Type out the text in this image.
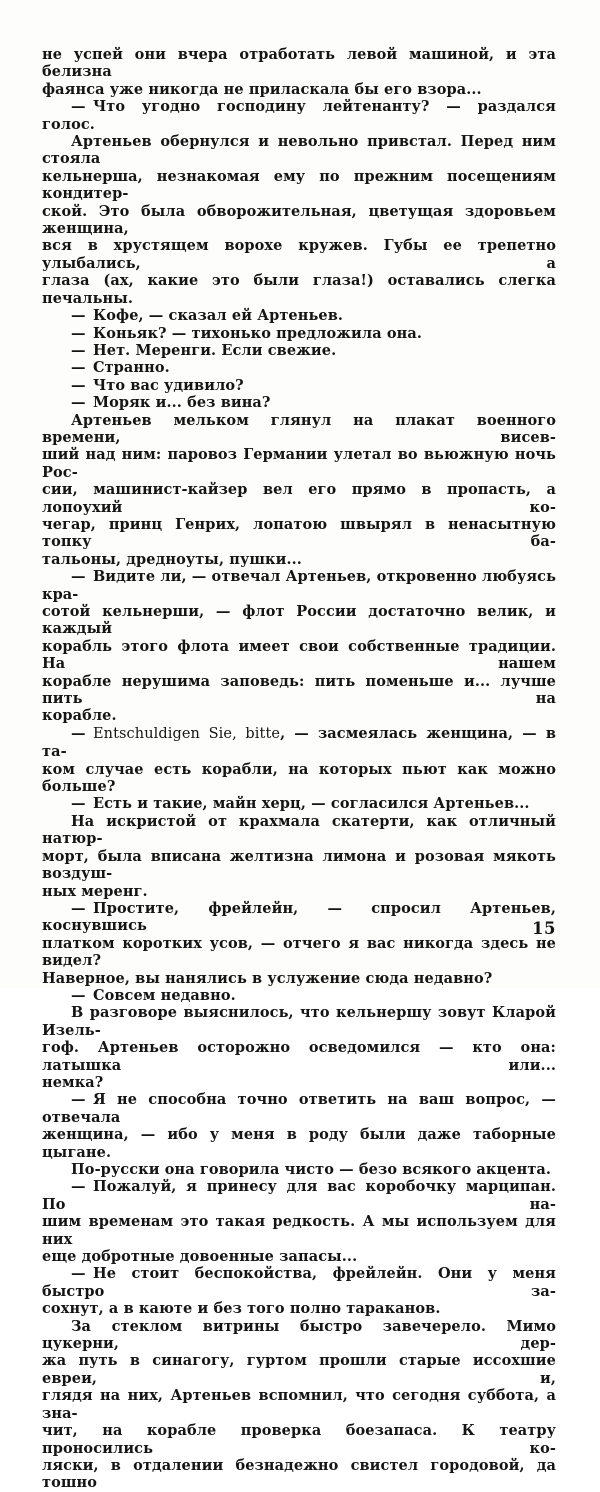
не успей они вчера отработать левой машиной, и эта белизна
фаянса уже никогда не приласкала бы его взора...
— Что угодно господину лейтенанту? — раздался голос.
Артеньев обернулся и невольно привстал. Перед ним стояла
кельнерша, незнакомая ему по прежним посещениям кондитер-
ской. Это была обворожительная, цветущая здоровьем женщина,
вся в хрустящем ворохе кружев. Губы ее трепетно улыбались, а
глаза (ах, какие это были глаза!) оставались слегка печальны.
— Кофе, — сказал ей Артеньев.
— Коньяк? — тихонько предложила она.
— Нет. Меренги. Если свежие.
— Странно.
— Что вас удивило?
— Моряк и... без вина?
Артеньев мельком глянул на плакат военного времени, висев-
ший над ним: паровоз Германии улетал во вьюжную ночь Рос-
сии, машинист-кайзер вел его прямо в пропасть, а лопоухий ко-
чегар, принц Генрих, лопатою швырял в ненасытную топку ба-
тальоны, дредноуты, пушки...
— Видите ли, — отвечал Артеньев, откровенно любуясь кра-
сотой кельнерши, — флот России достаточно велик, и каждый
корабль этого флота имеет свои собственные традиции. На нашем
корабле нерушима заповедь: пить поменьше и... лучше пить на
корабле.
— Entschuldigen Sie, bitte, — засмеялась женщина, — в та-
ком случае есть корабли, на которых пьют как можно больше?
— Есть и такие, майн херц, — согласился Артеньев...
На искристой от крахмала скатерти, как отличный натюр-
морт, была вписана желтизна лимона и розовая мякоть воздуш-
ных меренг.
— Простите, фрейлейн, — спросил Артеньев, коснувшись
платком коротких усов, — отчего я вас никогда здесь не видел?
Наверное, вы нанялись в услужение сюда недавно?
— Совсем недавно.
В разговоре выяснилось, что кельнершу зовут Кларой Изель-
гоф. Артеньев осторожно осведомился — кто она: латышка или...
немка?
— Я не способна точно ответить на ваш вопрос, — отвечала
женщина, — ибо у меня в роду были даже таборные цыгане.
По-русски она говорила чисто — безо всякого акцента.
— Пожалуй, я принесу для вас коробочку марципан. По на-
шим временам это такая редкость. А мы используем для них
еще добротные довоенные запасы...
— Не стоит беспокойства, фрейлейн. Они у меня быстро за-
сохнут, а в каюте и без того полно тараканов.
За стеклом витрины быстро завечерело. Мимо цукерни, дер-
жа путь в синагогу, гуртом прошли старые иссохшие евреи, и,
глядя на них, Артеньев вспомнил, что сегодня суббота, а зна-
чит, на корабле проверка боезапаса. К театру проносились ко-
ляски, в отдалении безнадежно свистел городовой, да тошно
15
